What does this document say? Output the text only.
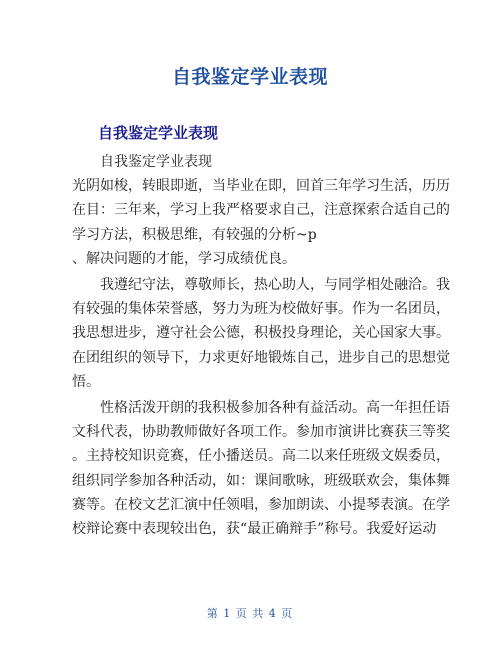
自我鉴定学业表现
自我鉴定学业表现

自我鉴定学业表现

光阴如梭，转眼即逝，当毕业在即，回首三年学习生活，历历
在目：三年来，学习上我严格要求自己，注意探索合适自己的
学习方法，积极思维，有较强的分析~p
、解决问题的才能，学习成绩优良。

我遵纪守法，尊敬师长，热心助人，与同学相处融洽。我
有较强的集体荣誉感，努力为班为校做好事。作为一名团员，
我思想进步，遵守社会公德，积极投身理论，关心国家大事。
在团组织的领导下，力求更好地锻炼自己，进步自己的思想觉
悟。

性格活泼开朗的我积极参加各种有益活动。高一年担任语
文科代表，协助教师做好各项工作。参加市演讲比赛获三等奖
。主持校知识竞赛，任小播送员。高二以来任班级文娱委员，
组织同学参加各种活动，如：课间歌咏，班级联欢会，集体舞
赛等。在校文艺汇演中任领唱，参加朗读、小提琴表演。在学
校辩论赛中表现较出色，获“最正确辩手”称号。我爱好运动

第 1 页 共 4 页
